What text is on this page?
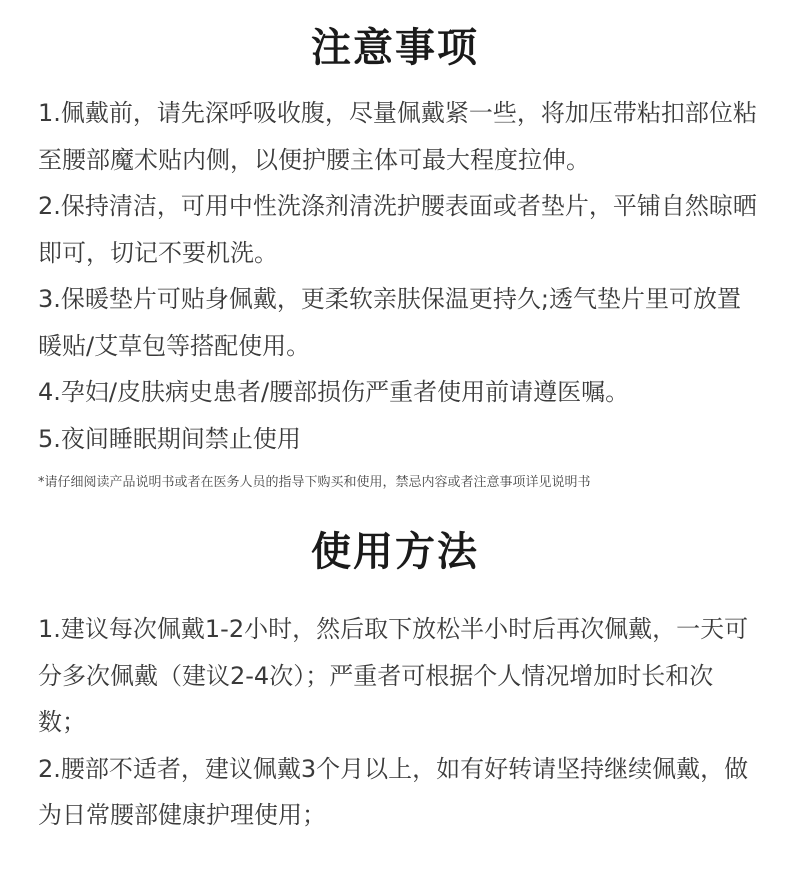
注意事项

1.佩戴前，请先深呼吸收腹，尽量佩戴紧一些，将加压带粘扣部位粘至腰部魔术贴内侧，以便护腰主体可最大程度拉伸。

2.保持清洁，可用中性洗涤剂清洗护腰表面或者垫片，平铺自然晾晒即可，切记不要机洗。

3.保暖垫片可贴身佩戴，更柔软亲肤保温更持久;透气垫片里可放置暖贴/艾草包等搭配使用。

4.孕妇/皮肤病史患者/腰部损伤严重者使用前请遵医嘱。

5.夜间睡眠期间禁止使用

*请仔细阅读产品说明书或者在医务人员的指导下购买和使用，禁忌内容或者注意事项详见说明书
使用方法

1.建议每次佩戴1-2小时，然后取下放松半小时后再次佩戴，一天可分多次佩戴（建议2-4次）；严重者可根据个人情况增加时长和次数；

2.腰部不适者，建议佩戴3个月以上，如有好转请坚持继续佩戴，做为日常腰部健康护理使用；
